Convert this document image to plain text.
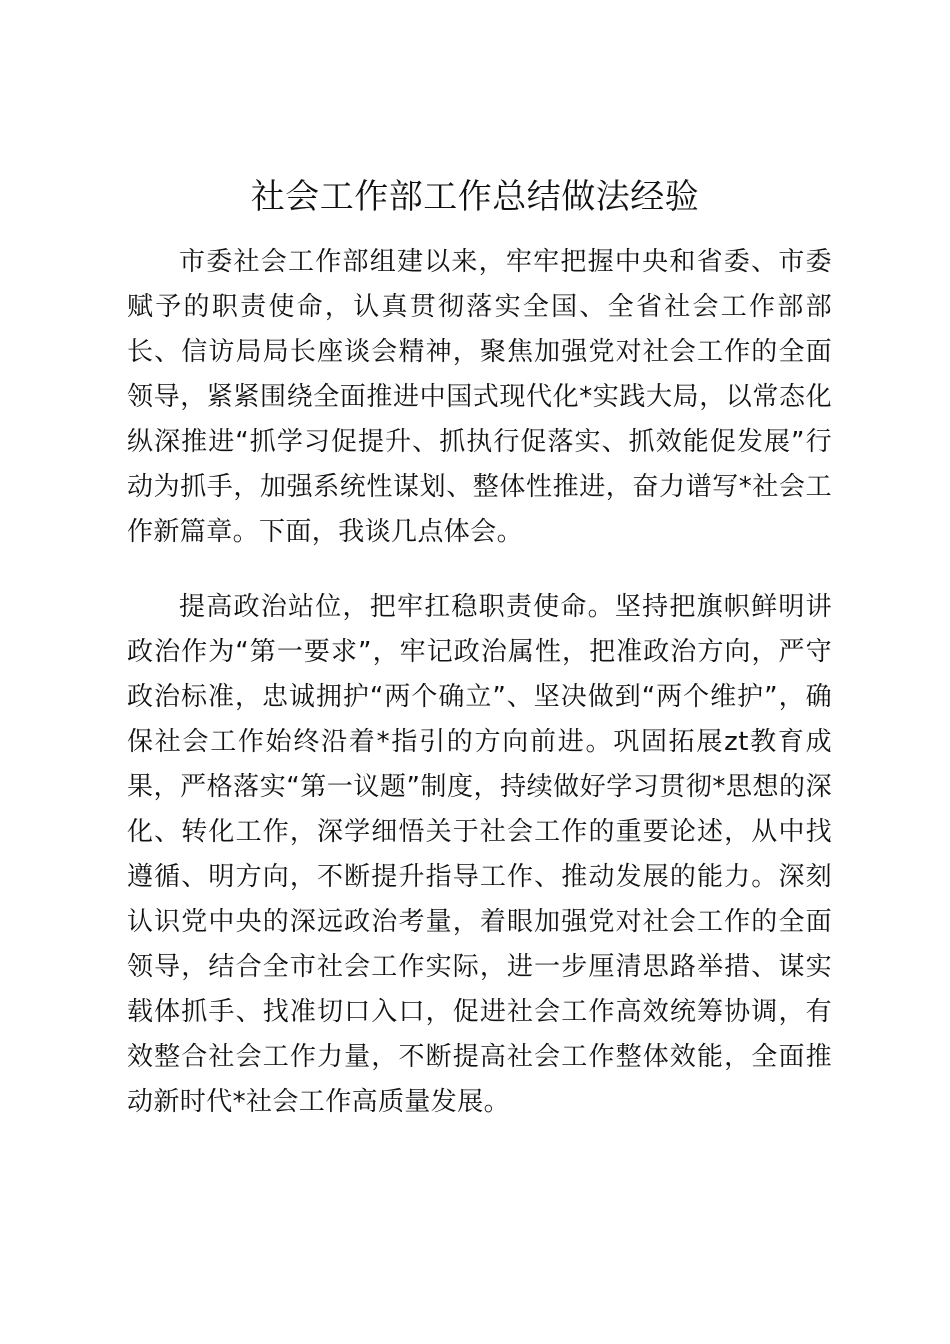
社会工作部工作总结做法经验

市委社会工作部组建以来，牢牢把握中央和省委、市委赋予的职责使命，认真贯彻落实全国、全省社会工作部部长、信访局局长座谈会精神，聚焦加强党对社会工作的全面领导，紧紧围绕全面推进中国式现代化*实践大局，以常态化纵深推进“抓学习促提升、抓执行促落实、抓效能促发展”行动为抓手，加强系统性谋划、整体性推进，奋力谱写*社会工作新篇章。下面，我谈几点体会。

提高政治站位，把牢扛稳职责使命。坚持把旗帜鲜明讲政治作为“第一要求”，牢记政治属性，把准政治方向，严守政治标准，忠诚拥护“两个确立”、坚决做到“两个维护”，确保社会工作始终沿着*指引的方向前进。巩固拓展zt教育成果，严格落实“第一议题”制度，持续做好学习贯彻*思想的深化、转化工作，深学细悟关于社会工作的重要论述，从中找遵循、明方向，不断提升指导工作、推动发展的能力。深刻认识党中央的深远政治考量，着眼加强党对社会工作的全面领导，结合全市社会工作实际，进一步厘清思路举措、谋实载体抓手、找准切口入口，促进社会工作高效统筹协调，有效整合社会工作力量，不断提高社会工作整体效能，全面推动新时代*社会工作高质量发展。
